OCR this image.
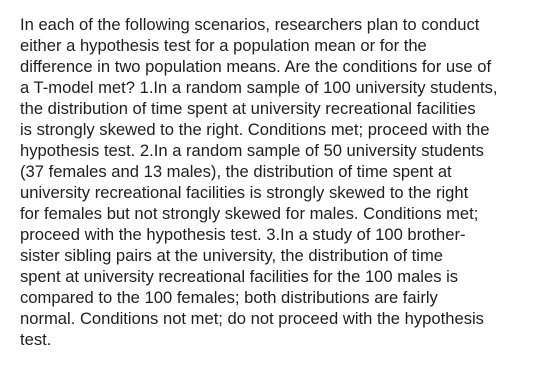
In each of the following scenarios, researchers plan to conduct
either a hypothesis test for a population mean or for the
difference in two population means. Are the conditions for use of
a T-model met? 1.In a random sample of 100 university students,
the distribution of time spent at university recreational facilities
is strongly skewed to the right. Conditions met; proceed with the
hypothesis test. 2.In a random sample of 50 university students
(37 females and 13 males), the distribution of time spent at
university recreational facilities is strongly skewed to the right
for females but not strongly skewed for males. Conditions met;
proceed with the hypothesis test. 3.In a study of 100 brother-
sister sibling pairs at the university, the distribution of time
spent at university recreational facilities for the 100 males is
compared to the 100 females; both distributions are fairly
normal. Conditions not met; do not proceed with the hypothesis
test.
